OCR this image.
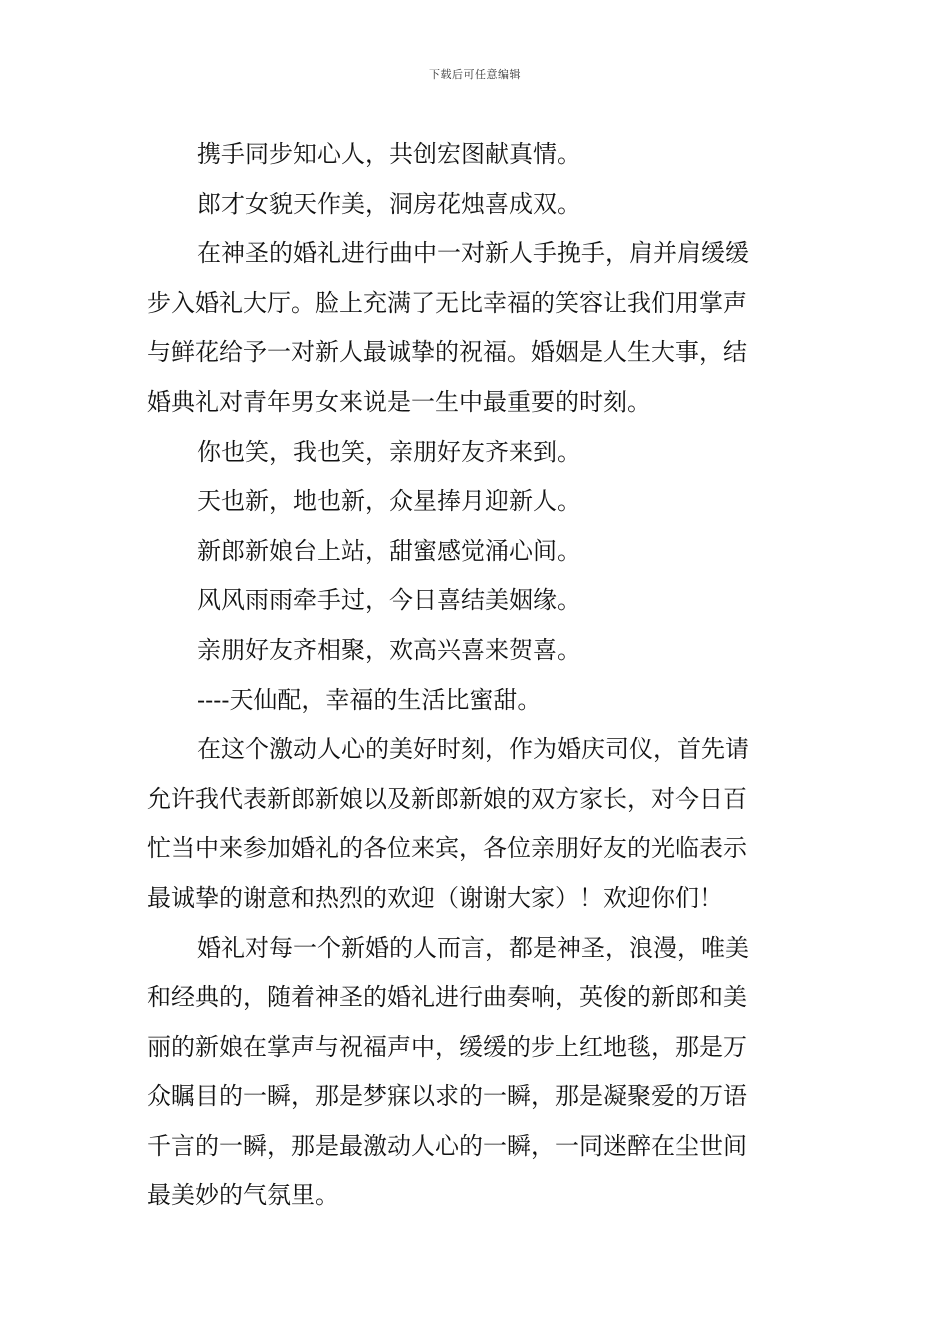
下载后可任意编辑

携手同步知心人，共创宏图献真情。

郎才女貌天作美，洞房花烛喜成双。

在神圣的婚礼进行曲中一对新人手挽手，肩并肩缓缓

步入婚礼大厅。脸上充满了无比幸福的笑容让我们用掌声

与鲜花给予一对新人最诚挚的祝福。婚姻是人生大事，结

婚典礼对青年男女来说是一生中最重要的时刻。

你也笑，我也笑，亲朋好友齐来到。

天也新，地也新，众星捧月迎新人。

新郎新娘台上站，甜蜜感觉涌心间。

风风雨雨牵手过，今日喜结美姻缘。

亲朋好友齐相聚，欢高兴喜来贺喜。

----天仙配，幸福的生活比蜜甜。

在这个激动人心的美好时刻，作为婚庆司仪，首先请

允许我代表新郎新娘以及新郎新娘的双方家长，对今日百

忙当中来参加婚礼的各位来宾，各位亲朋好友的光临表示

最诚挚的谢意和热烈的欢迎（谢谢大家）！欢迎你们！

婚礼对每一个新婚的人而言，都是神圣，浪漫，唯美

和经典的，随着神圣的婚礼进行曲奏响，英俊的新郎和美

丽的新娘在掌声与祝福声中，缓缓的步上红地毯，那是万

众瞩目的一瞬，那是梦寐以求的一瞬，那是凝聚爱的万语

千言的一瞬，那是最激动人心的一瞬，一同迷醉在尘世间

最美妙的气氛里。
